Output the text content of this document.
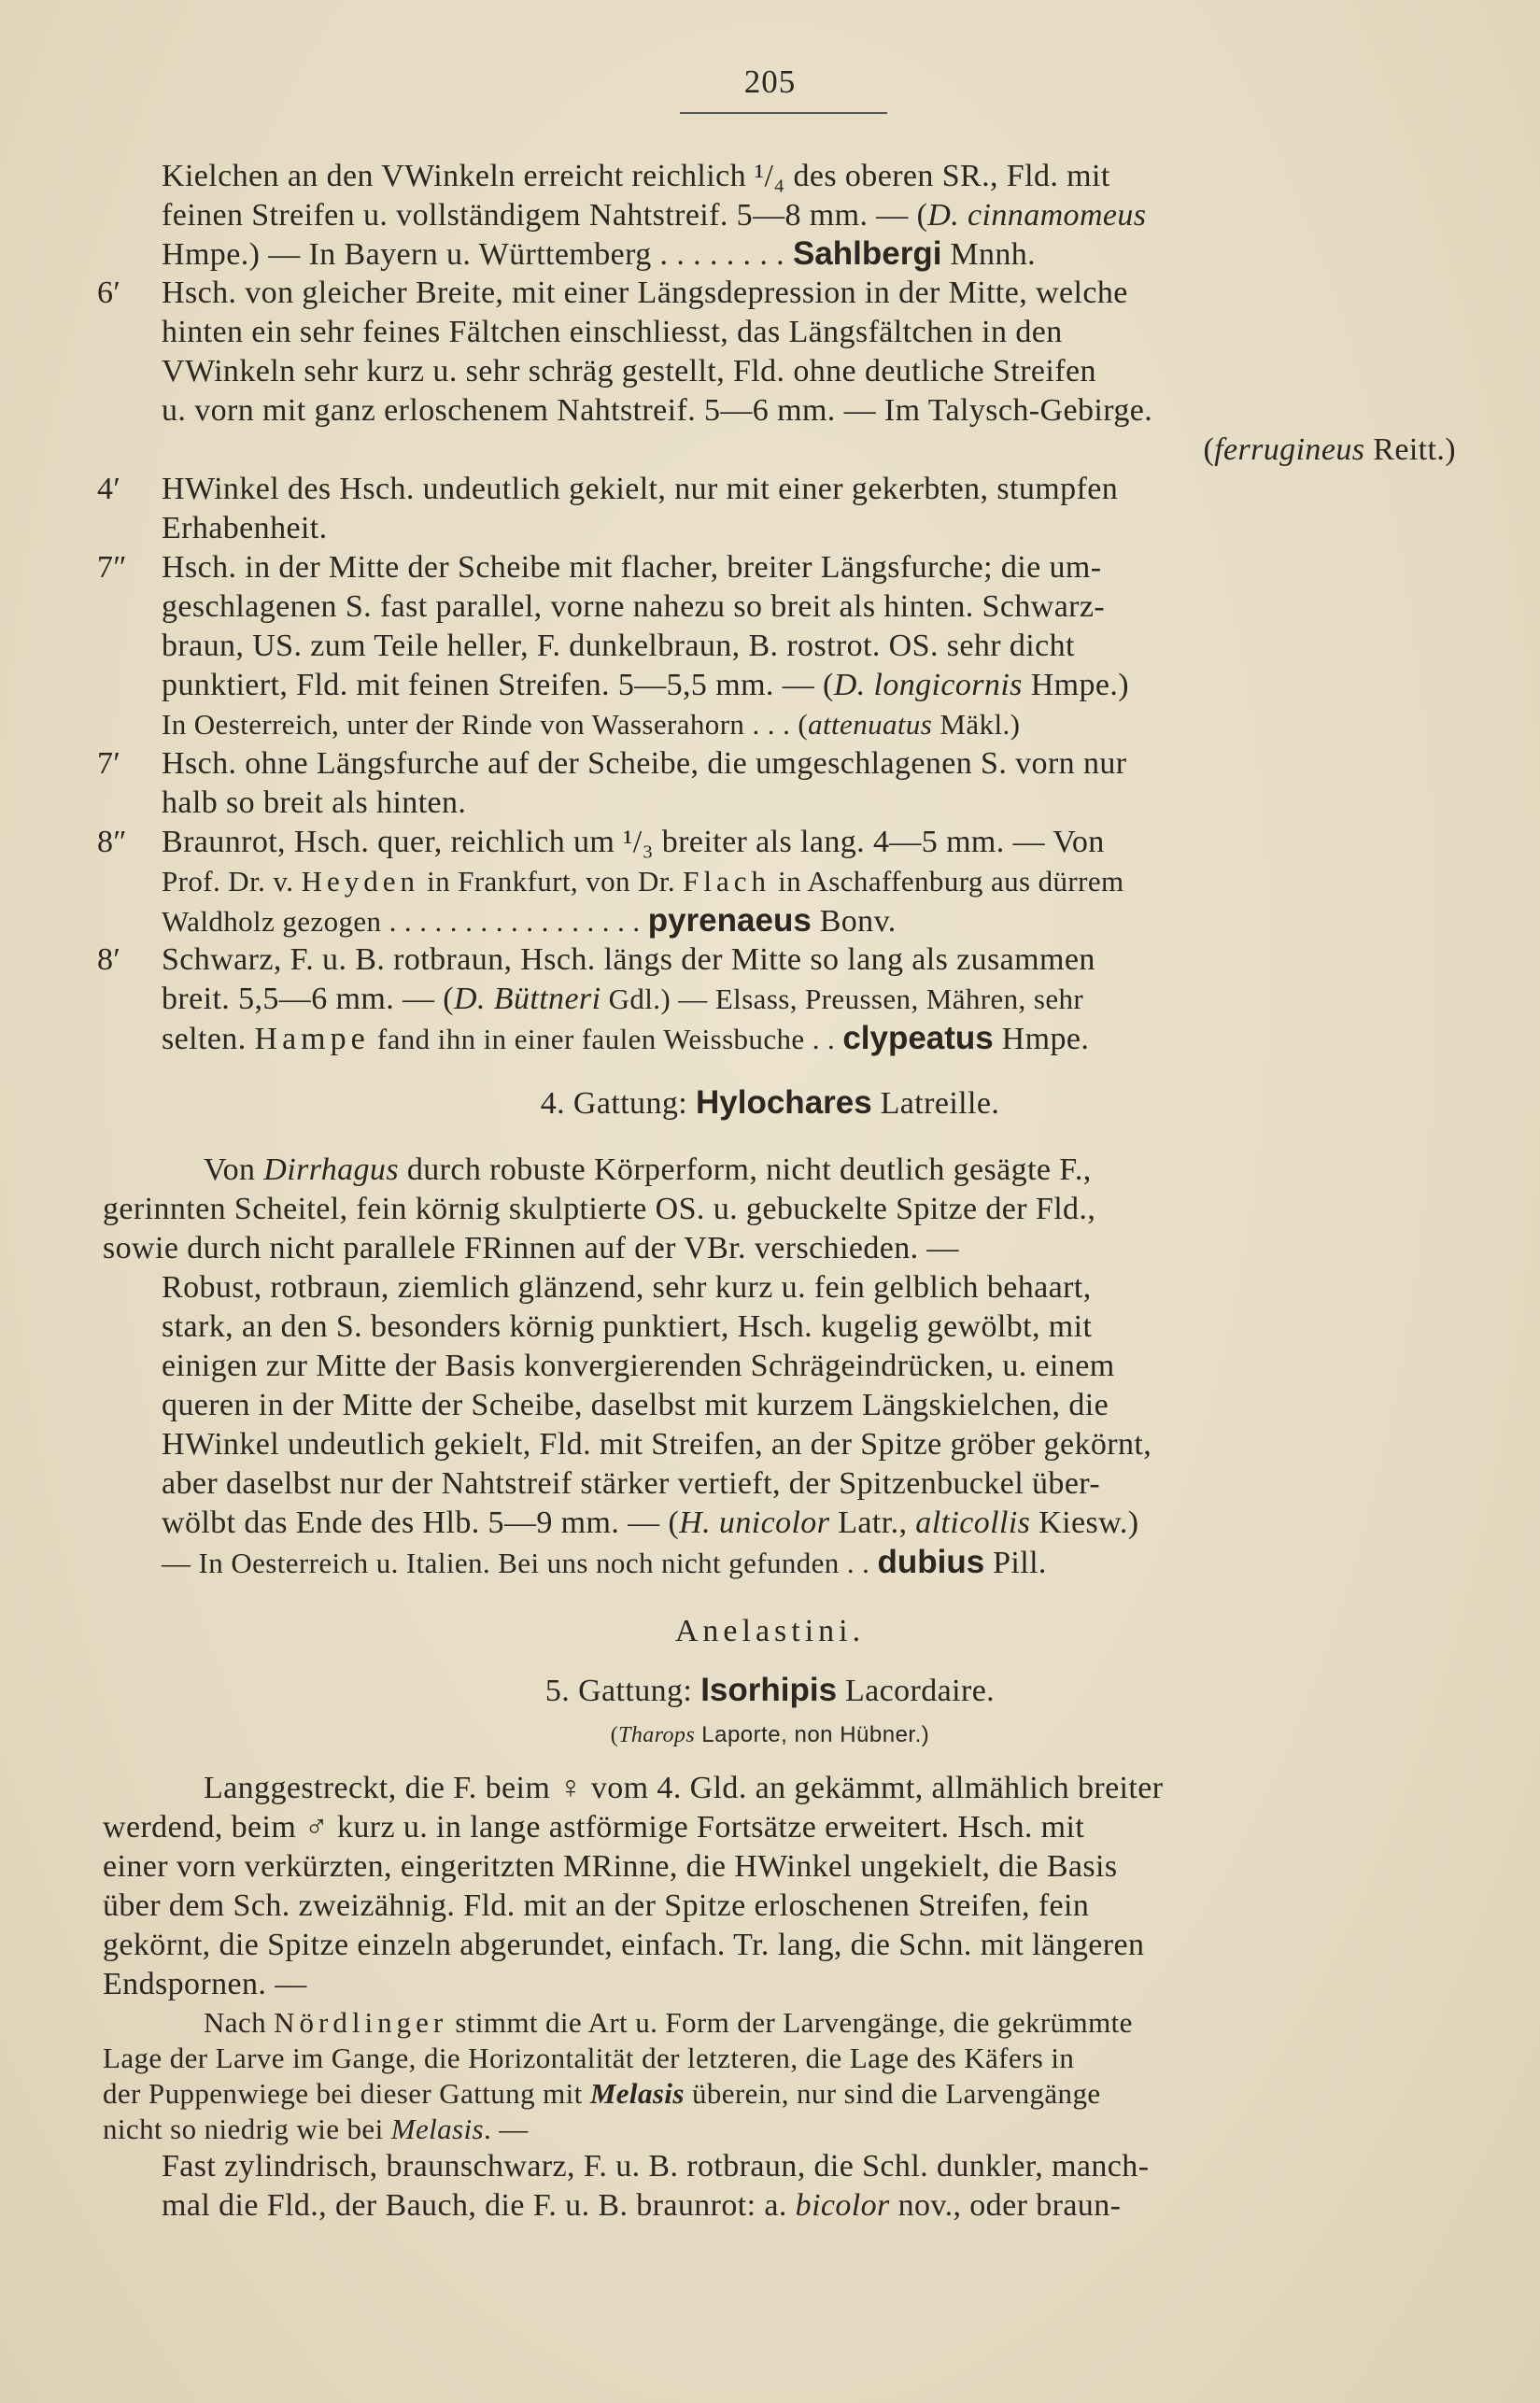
205
Kielchen an den VWinkeln erreicht reichlich ¹/₄ des oberen SR., Fld. mit
feinen Streifen u. vollständigem Nahtstreif. 5—8 mm. — (D. cinnamomeus
Hmpe.) — In Bayern u. Württemberg . . . . . . . . Sahlbergi Mnnh.
6′ Hsch. von gleicher Breite, mit einer Längsdepression in der Mitte, welche
hinten ein sehr feines Fältchen einschliesst, das Längsfältchen in den
VWinkeln sehr kurz u. sehr schräg gestellt, Fld. ohne deutliche Streifen
u. vorn mit ganz erloschenem Nahtstreif. 5—6 mm. — Im Talysch-Gebirge.
(ferrugineus Reitt.)
4′ HWinkel des Hsch. undeutlich gekielt, nur mit einer gekerbten, stumpfen
Erhabenheit.
7″ Hsch. in der Mitte der Scheibe mit flacher, breiter Längsfurche; die um-
geschlagenen S. fast parallel, vorne nahezu so breit als hinten. Schwarz-
braun, US. zum Teile heller, F. dunkelbraun, B. rostrot. OS. sehr dicht
punktiert, Fld. mit feinen Streifen. 5—5,5 mm. — (D. longicornis Hmpe.)
In Oesterreich, unter der Rinde von Wasserahorn . . . (attenuatus Mäkl.)
7′ Hsch. ohne Längsfurche auf der Scheibe, die umgeschlagenen S. vorn nur
halb so breit als hinten.
8″ Braunrot, Hsch. quer, reichlich um ¹/₃ breiter als lang. 4—5 mm. — Von
Prof. Dr. v. Heyden in Frankfurt, von Dr. Flach in Aschaffenburg aus dürrem
Waldholz gezogen . . . . . . . . . . . . . . . . . pyrenaeus Bonv.
8′ Schwarz, F. u. B. rotbraun, Hsch. längs der Mitte so lang als zusammen
breit. 5,5—6 mm. — (D. Büttneri Gdl.) — Elsass, Preussen, Mähren, sehr
selten. Hampe fand ihn in einer faulen Weissbuche . . clypeatus Hmpe.
4. Gattung: Hylochares Latreille.
Von Dirrhagus durch robuste Körperform, nicht deutlich gesägte F.,
gerinnten Scheitel, fein körnig skulptierte OS. u. gebuckelte Spitze der Fld.,
sowie durch nicht parallele FRinnen auf der VBr. verschieden. —
Robust, rotbraun, ziemlich glänzend, sehr kurz u. fein gelblich behaart,
stark, an den S. besonders körnig punktiert, Hsch. kugelig gewölbt, mit
einigen zur Mitte der Basis konvergierenden Schrägeindrücken, u. einem
queren in der Mitte der Scheibe, daselbst mit kurzem Längskielchen, die
HWinkel undeutlich gekielt, Fld. mit Streifen, an der Spitze gröber gekörnt,
aber daselbst nur der Nahtstreif stärker vertieft, der Spitzenbuckel über-
wölbt das Ende des Hlb. 5—9 mm. — (H. unicolor Latr., alticollis Kiesw.)
— In Oesterreich u. Italien. Bei uns noch nicht gefunden . . dubius Pill.
Anelastini.
5. Gattung: Isorhipis Lacordaire.
(Tharops Laporte, non Hübner.)
Langgestreckt, die F. beim ♀ vom 4. Gld. an gekämmt, allmählich breiter
werdend, beim ♂ kurz u. in lange astförmige Fortsätze erweitert. Hsch. mit
einer vorn verkürzten, eingeritzten MRinne, die HWinkel ungekielt, die Basis
über dem Sch. zweizähnig. Fld. mit an der Spitze erloschenen Streifen, fein
gekörnt, die Spitze einzeln abgerundet, einfach. Tr. lang, die Schn. mit längeren
Endspornen. —
Nach Nördlinger stimmt die Art u. Form der Larvengänge, die gekrümmte
Lage der Larve im Gange, die Horizontalität der letzteren, die Lage des Käfers in
der Puppenwiege bei dieser Gattung mit Melasis überein, nur sind die Larvengänge
nicht so niedrig wie bei Melasis. —
Fast zylindrisch, braunschwarz, F. u. B. rotbraun, die Schl. dunkler, manch-
mal die Fld., der Bauch, die F. u. B. braunrot: a. bicolor nov., oder braun-
